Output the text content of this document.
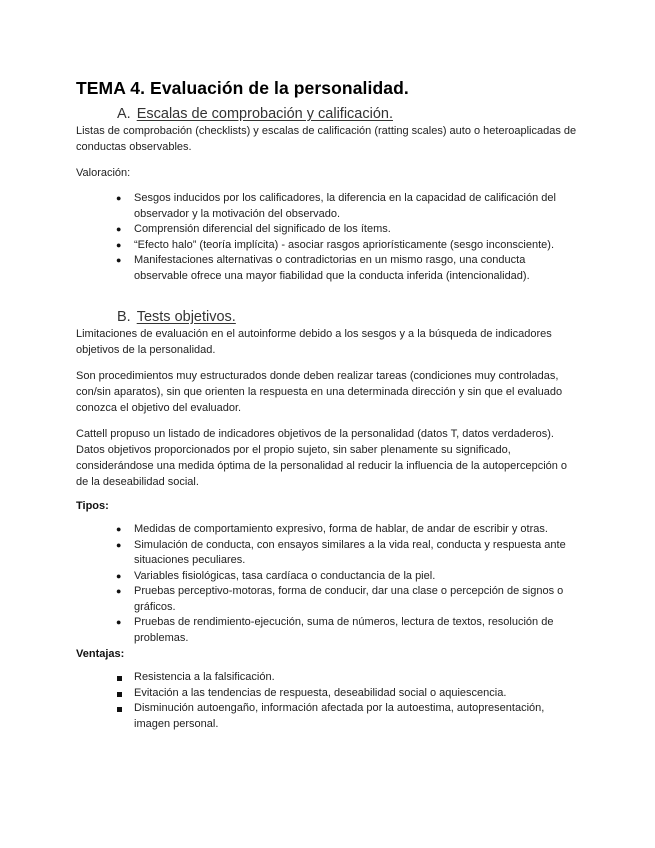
TEMA 4. Evaluación de la personalidad.
A. Escalas de comprobación y calificación.

Listas de comprobación (checklists) y escalas de calificación (ratting scales) auto o heteroaplicadas de conductas observables.

Valoración:

● Sesgos inducidos por los calificadores, la diferencia en la capacidad de calificación del observador y la motivación del observado.
● Comprensión diferencial del significado de los ítems.
● “Efecto halo” (teoría implícita) - asociar rasgos apriorísticamente (sesgo inconsciente).
● Manifestaciones alternativas o contradictorias en un mismo rasgo, una conducta observable ofrece una mayor fiabilidad que la conducta inferida (intencionalidad).
B. Tests objetivos.

Limitaciones de evaluación en el autoinforme debido a los sesgos y a la búsqueda de indicadores objetivos de la personalidad.

Son procedimientos muy estructurados donde deben realizar tareas (condiciones muy controladas, con/sin aparatos), sin que orienten la respuesta en una determinada dirección y sin que el evaluado conozca el objetivo del evaluador.

Cattell propuso un listado de indicadores objetivos de la personalidad (datos T, datos verdaderos). Datos objetivos proporcionados por el propio sujeto, sin saber plenamente su significado, considerándose una medida óptima de la personalidad al reducir la influencia de la autopercepción o de la deseabilidad social.

Tipos:

● Medidas de comportamiento expresivo, forma de hablar, de andar de escribir y otras.
● Simulación de conducta, con ensayos similares a la vida real, conducta y respuesta ante situaciones peculiares.
● Variables fisiológicas, tasa cardíaca o conductancia de la piel.
● Pruebas perceptivo-motoras, forma de conducir, dar una clase o percepción de signos o gráficos.
● Pruebas de rendimiento-ejecución, suma de números, lectura de textos, resolución de problemas.

Ventajas:

Resistencia a la falsificación.
Evitación a las tendencias de respuesta, deseabilidad social o aquiescencia.
Disminución autoengaño, información afectada por la autoestima, autopresentación, imagen personal.
